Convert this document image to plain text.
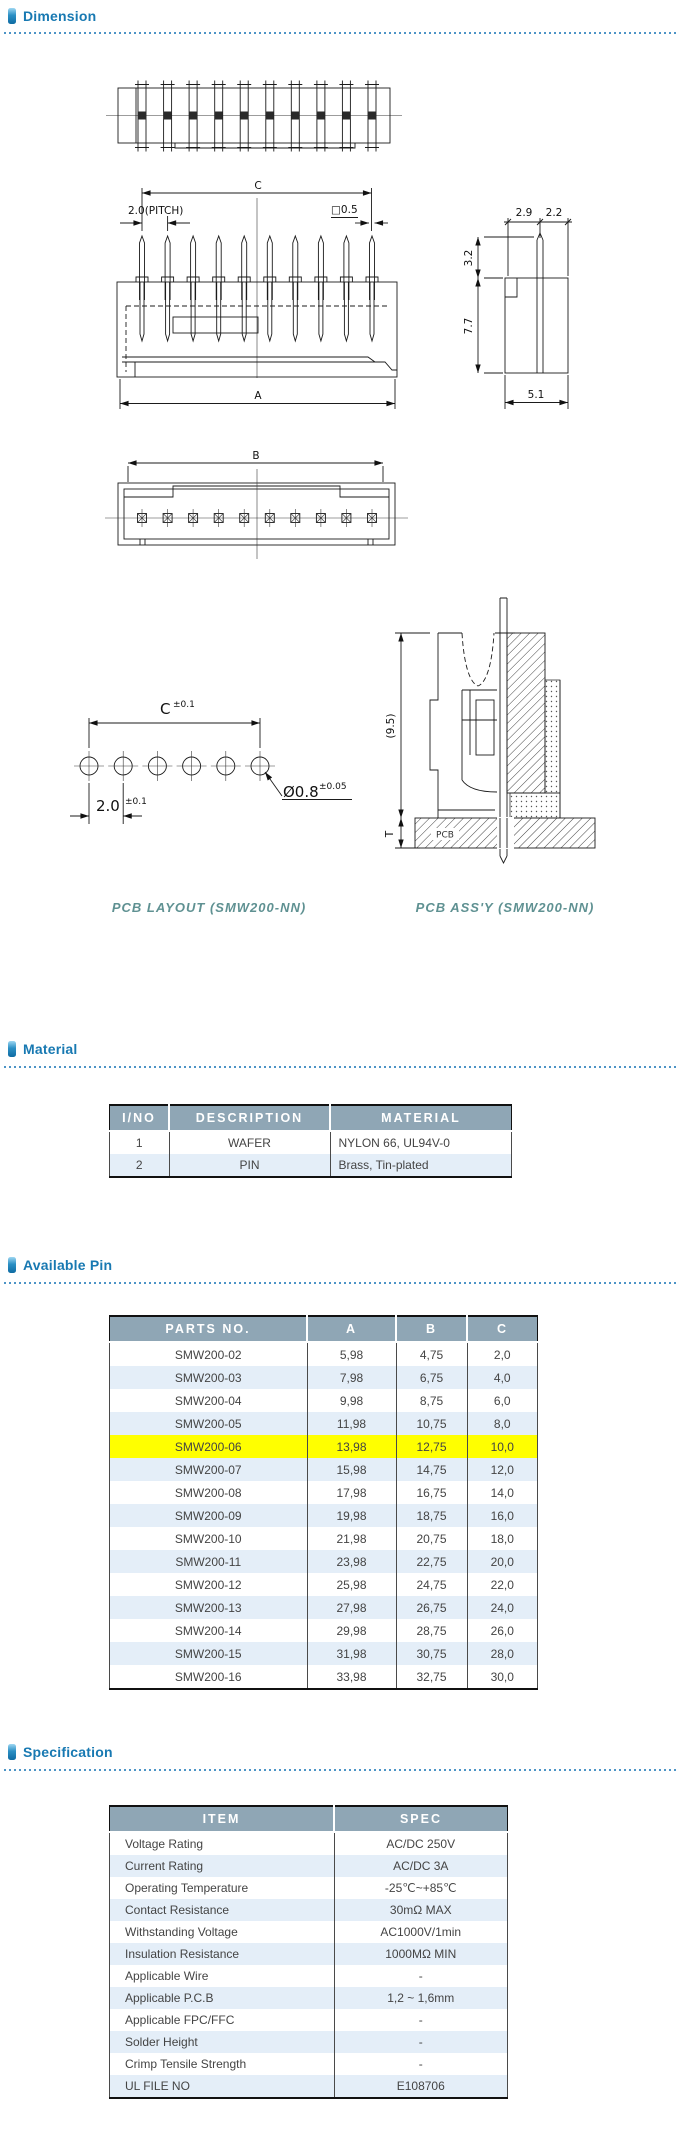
Dimension
C
2.0(PITCH)	□0.5
A
2.9 2.2
3.2
7.7
5.1
B
C ±0.1
2.0 ±0.1
Ø0.8 ±0.05
PCB LAYOUT (SMW200-NN)
PCB
(9.5)
T
PCB ASS'Y (SMW200-NN)
Material
I/NO	DESCRIPTION	MATERIAL
1	WAFER	NYLON 66, UL94V-0
2	PIN	Brass, Tin-plated
Available Pin
PARTS NO.	A	B	C
SMW200-02	5,98	4,75	2,0
SMW200-03	7,98	6,75	4,0
SMW200-04	9,98	8,75	6,0
SMW200-05	11,98	10,75	8,0
SMW200-06	13,98	12,75	10,0
SMW200-07	15,98	14,75	12,0
SMW200-08	17,98	16,75	14,0
SMW200-09	19,98	18,75	16,0
SMW200-10	21,98	20,75	18,0
SMW200-11	23,98	22,75	20,0
SMW200-12	25,98	24,75	22,0
SMW200-13	27,98	26,75	24,0
SMW200-14	29,98	28,75	26,0
SMW200-15	31,98	30,75	28,0
SMW200-16	33,98	32,75	30,0
Specification
ITEM	SPEC
Voltage Rating	AC/DC 250V
Current Rating	AC/DC 3A
Operating Temperature	-25℃~+85℃
Contact Resistance	30mΩ MAX
Withstanding Voltage	AC1000V/1min
Insulation Resistance	1000MΩ MIN
Applicable Wire	-
Applicable P.C.B	1,2 ~ 1,6mm
Applicable FPC/FFC	-
Solder Height	-
Crimp Tensile Strength	-
UL FILE NO	E108706
